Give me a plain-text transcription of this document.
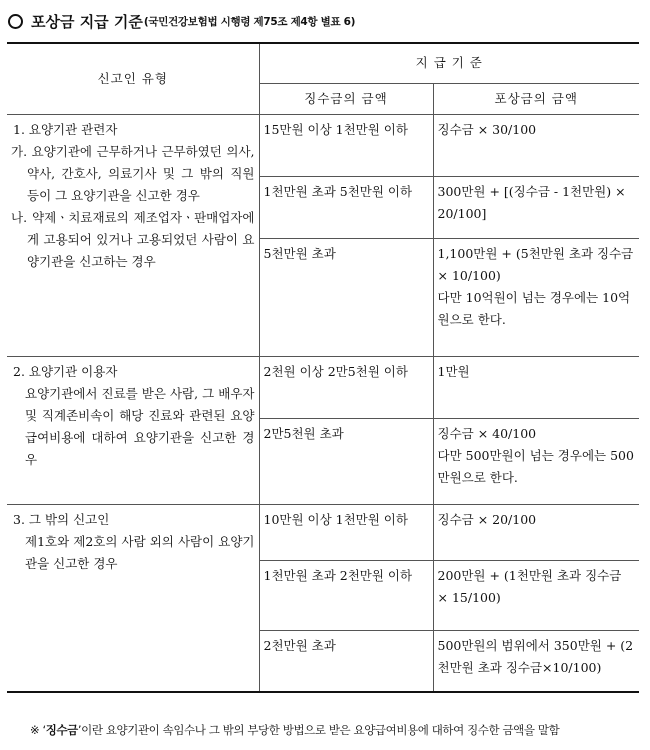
포상금 지급 기준 (국민건강보험법 시행령 제75조 제4항 별표 6)
신고인 유형	지 급 기 준	
	징수금의 금액	포상금의 금액

1. 요양기관 관련자
가. 요양기관에 근무하거나 근무하였던 의사, 약사, 간호사, 의료기사 및 그 밖의 직원 등이 그 요양기관을 신고한 경우
나. 약제ㆍ치료재료의 제조업자ㆍ판매업자에게 고용되어 있거나 고용되었던 사람이 요양기관을 신고하는 경우	15만원 이상 1천만원 이하	징수금 × 30/100
	1천만원 초과 5천만원 이하	300만원 + [(징수금 - 1천만원) × 20/100]
	5천만원 초과	1,100만원 + (5천만원 초과 징수금 × 10/100)
다만 10억원이 넘는 경우에는 10억원으로 한다.

2. 요양기관 이용자
요양기관에서 진료를 받은 사람, 그 배우자 및 직계존비속이 해당 진료와 관련된 요양급여비용에 대하여 요양기관을 신고한 경우	2천원 이상 2만5천원 이하	1만원
	2만5천원 초과	징수금 × 40/100
다만 500만원이 넘는 경우에는 500만원으로 한다.

3. 그 밖의 신고인
제1호와 제2호의 사람 외의 사람이 요양기관을 신고한 경우	10만원 이상 1천만원 이하	징수금 × 20/100
	1천만원 초과 2천만원 이하	200만원 + (1천만원 초과 징수금 × 15/100)
	2천만원 초과	500만원의 범위에서 350만원 + (2천만원 초과 징수금×10/100)
※ ‘징수금’이란 요양기관이 속임수나 그 밖의 부당한 방법으로 받은 요양급여비용에 대하여 징수한 금액을 말함
